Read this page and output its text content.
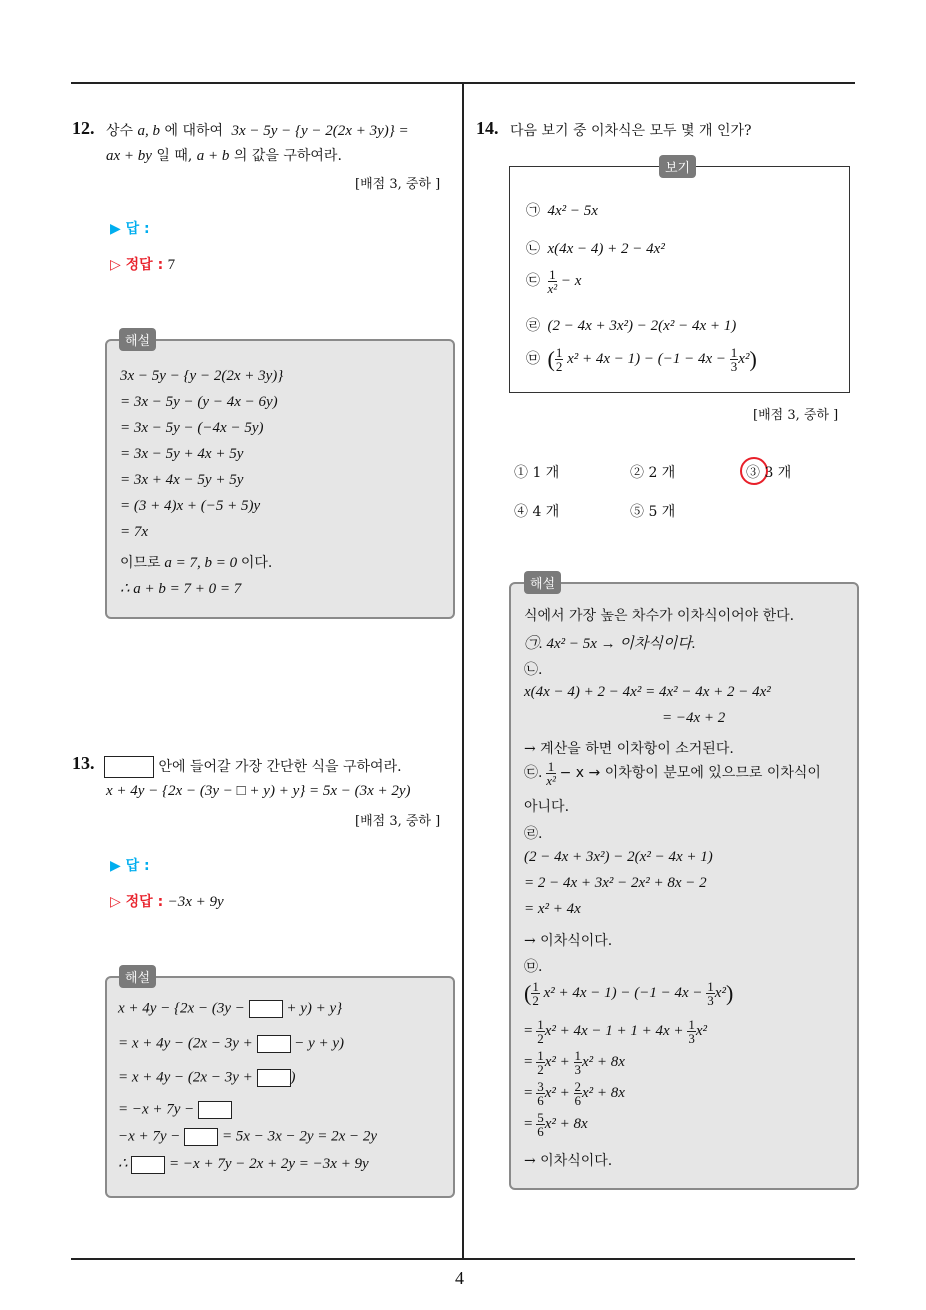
4
12. 상수 a, b 에 대하여 3x − 5y − {y − 2(2x + 3y)} =
ax + by 일 때, a + b 의 값을 구하여라.
[배점 3, 중하 ]
▶ 답 :
▷ 정답 : 7
해설
3x − 5y − {y − 2(2x + 3y)}
= 3x − 5y − (y − 4x − 6y)
= 3x − 5y − (−4x − 5y)
= 3x − 5y + 4x + 5y
= 3x + 4x − 5y + 5y
= (3 + 4)x + (−5 + 5)y
= 7x
이므로 a = 7, b = 0 이다.
∴ a + b = 7 + 0 = 7
13.	안에 들어갈 가장 간단한 식을 구하여라.
x + 4y − {2x − (3y − □ + y) + y} = 5x − (3x + 2y)
[배점 3, 중하 ]
▶ 답 :
▷ 정답 : −3x + 9y
해설
x + 4y − {2x − (3y −	+ y) + y}
= x + 4y − (2x − 3y +	− y + y)
= x + 4y − (2x − 3y +	)
= −x + 7y −
−x + 7y −	= 5x − 3x − 2y = 2x − 2y
∴	= −x + 7y − 2x + 2y = −3x + 9y
14. 다음 보기 중 이차식은 모두 몇 개 인가?
보기
㉠ 4x² − 5x
㉡ x(4x − 4) + 2 − 4x²
㉢ $\frac{1}{\text{x²}} - x$
㉣ (2 − 4x + 3x²) − 2(x² − 4x + 1)
㉤ ( $\frac{1}{2} x^2 + 4x - 1) - (-1 - 4x - \frac{1}{3} x^2)$
[배점 3, 중하 ]
① 1 개	② 2 개	③ 3 개
④ 4 개	⑤ 5 개
해설
식에서 가장 높은 차수가 이차식이어야 한다.
㉠. 4x² − 5x → 이차식이다.
㉡.
x(4x − 4) + 2 − 4x² = 4x² − 4x + 2 − 4x²
= −4x + 2
→ 계산을 하면 이차항이 소거된다.
㉢. $\frac{1}{\text{x²}} - x$ → 이차항이 분모에 있으므로 이차식이
아니다.
㉣.
(2 − 4x + 3x²) − 2(x² − 4x + 1)
= 2 − 4x + 3x² − 2x² + 8x − 2
= x² + 4x
→ 이차식이다.
㉤.
( $\frac{1}{2} x^2 + 4x - 1) - (-1 - 4x - \frac{1}{3} x^2)$
= $\frac{1}{2} x^2 + 4x - 1 + 1 + 4x + \frac{1}{3} x^2$
= $\frac{1}{2} x^2 + \frac{1}{3} x^2 + 8x$
= $\frac{3}{6} x^2 + \frac{2}{6} x^2 + 8x$
= $\frac{5}{6} x^2 + 8x$
→ 이차식이다.
